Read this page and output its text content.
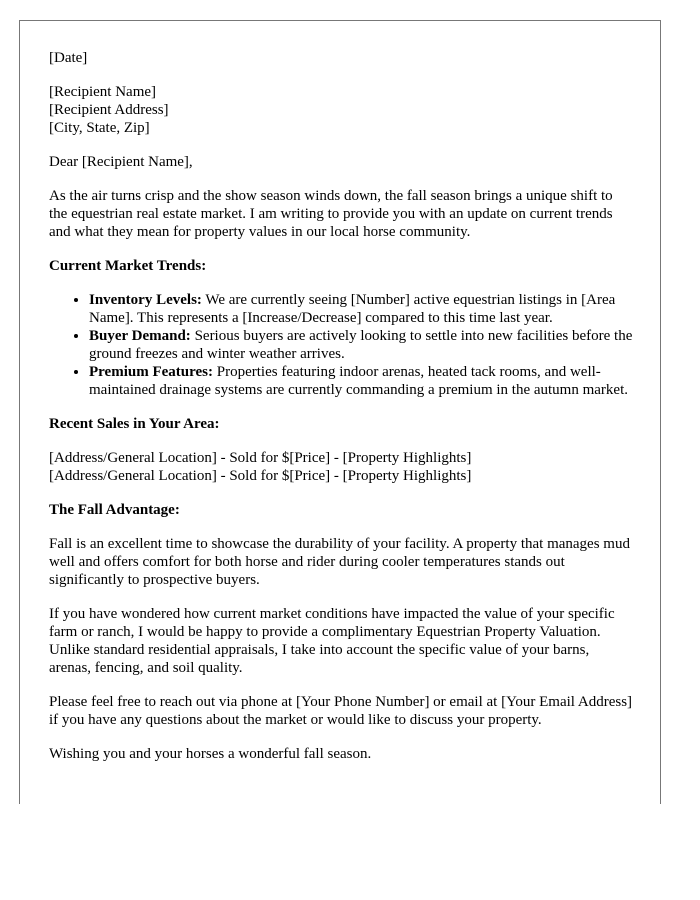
[Date]

[Recipient Name]
[Recipient Address]
[City, State, Zip]

Dear [Recipient Name],

As the air turns crisp and the show season winds down, the fall season brings a unique shift to the equestrian real estate market. I am writing to provide you with an update on current trends and what they mean for property values in our local horse community.

Current Market Trends:

• Inventory Levels: We are currently seeing [Number] active equestrian listings in [Area Name]. This represents a [Increase/Decrease] compared to this time last year.
• Buyer Demand: Serious buyers are actively looking to settle into new facilities before the ground freezes and winter weather arrives.
• Premium Features: Properties featuring indoor arenas, heated tack rooms, and well-maintained drainage systems are currently commanding a premium in the autumn market.

Recent Sales in Your Area:

[Address/General Location] - Sold for $[Price] - [Property Highlights]
[Address/General Location] - Sold for $[Price] - [Property Highlights]

The Fall Advantage:

Fall is an excellent time to showcase the durability of your facility. A property that manages mud well and offers comfort for both horse and rider during cooler temperatures stands out significantly to prospective buyers.

If you have wondered how current market conditions have impacted the value of your specific farm or ranch, I would be happy to provide a complimentary Equestrian Property Valuation. Unlike standard residential appraisals, I take into account the specific value of your barns, arenas, fencing, and soil quality.

Please feel free to reach out via phone at [Your Phone Number] or email at [Your Email Address] if you have any questions about the market or would like to discuss your property.

Wishing you and your horses a wonderful fall season.
